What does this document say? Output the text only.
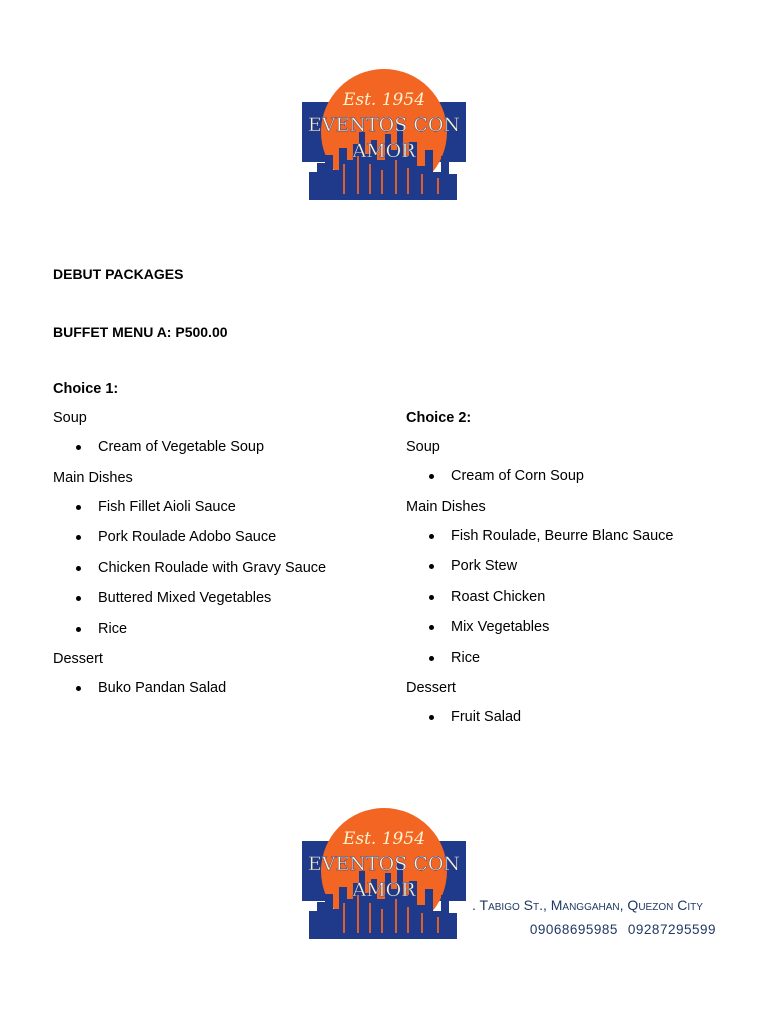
Est. 1954
EVENTOS CON
AMOR
DEBUT PACKAGES
BUFFET MENU A: P500.00
Choice 1:
Soup
Cream of Vegetable Soup
Main Dishes
Fish Fillet Aioli Sauce
Pork Roulade Adobo Sauce
Chicken Roulade with Gravy Sauce
Buttered Mixed Vegetables
Rice
Dessert
Buko Pandan Salad
Choice 2:
Soup
Cream of Corn Soup
Main Dishes
Fish Roulade, Beurre Blanc Sauce
Pork Stew
Roast Chicken
Mix Vegetables
Rice
Dessert
Fruit Salad
Est. 1954
EVENTOS CON
AMOR
. Tabigo St., Manggahan, Quezon City
09068695985 09287295599
